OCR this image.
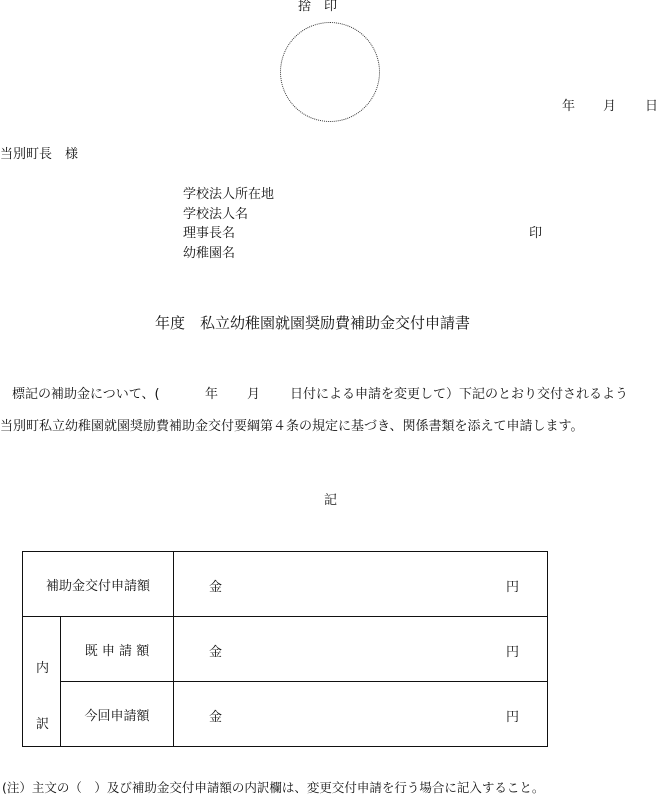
捨　印
年 月 日
当別町長　様
学校法人所在地
学校法人名
理事長名	印
幼稚園名
年度　私立幼稚園就園奨励費補助金交付申請書
標記の補助金について、(	年 月 日付による申請を変更して）下記のとおり交付されるよう
当別町私立幼稚園就園奨励費補助金交付要綱第４条の規定に基づき、関係書類を添えて申請します。
記
補助金交付申請額		金 円

内
訳	既 申 請 額	金 円

	今回申請額	金 円
(注）主文の（　）及び補助金交付申請額の内訳欄は、変更交付申請を行う場合に記入すること。
